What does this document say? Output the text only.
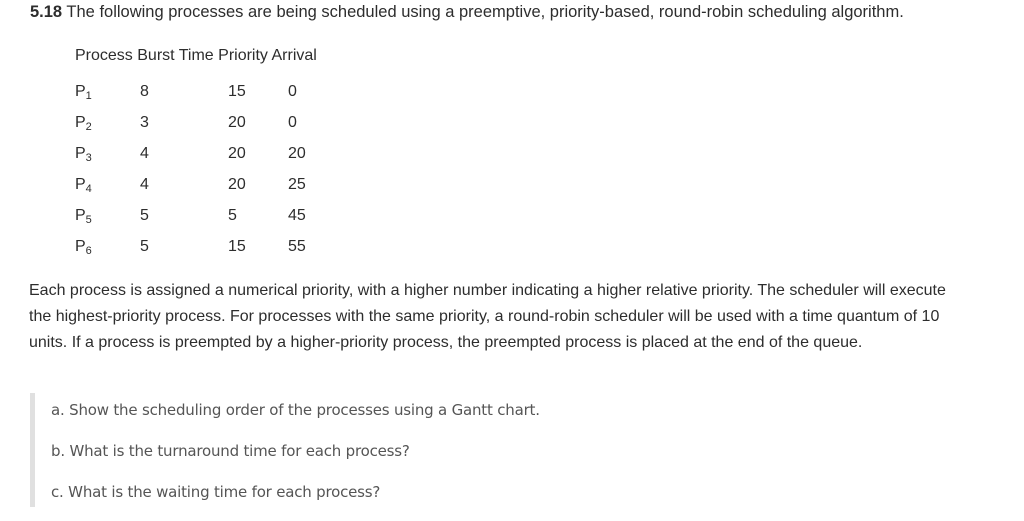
5.18 The following processes are being scheduled using a preemptive, priority-based, round-robin scheduling algorithm.
Process Burst Time Priority Arrival
$P_1$	8	15	0
$P_2$	3	20	0
$P_3$	4	20	20
$P_4$	4	20	25
$P_5$	5	5	45
$P_6$	5	15	55

Each process is assigned a numerical priority, with a higher number indicating a higher relative priority. The scheduler will execute the highest-priority process. For processes with the same priority, a round-robin scheduler will be used with a time quantum of 10 units. If a process is preempted by a higher-priority process, the preempted process is placed at the end of the queue.

a. Show the scheduling order of the processes using a Gantt chart.
b. What is the turnaround time for each process?
c. What is the waiting time for each process?
